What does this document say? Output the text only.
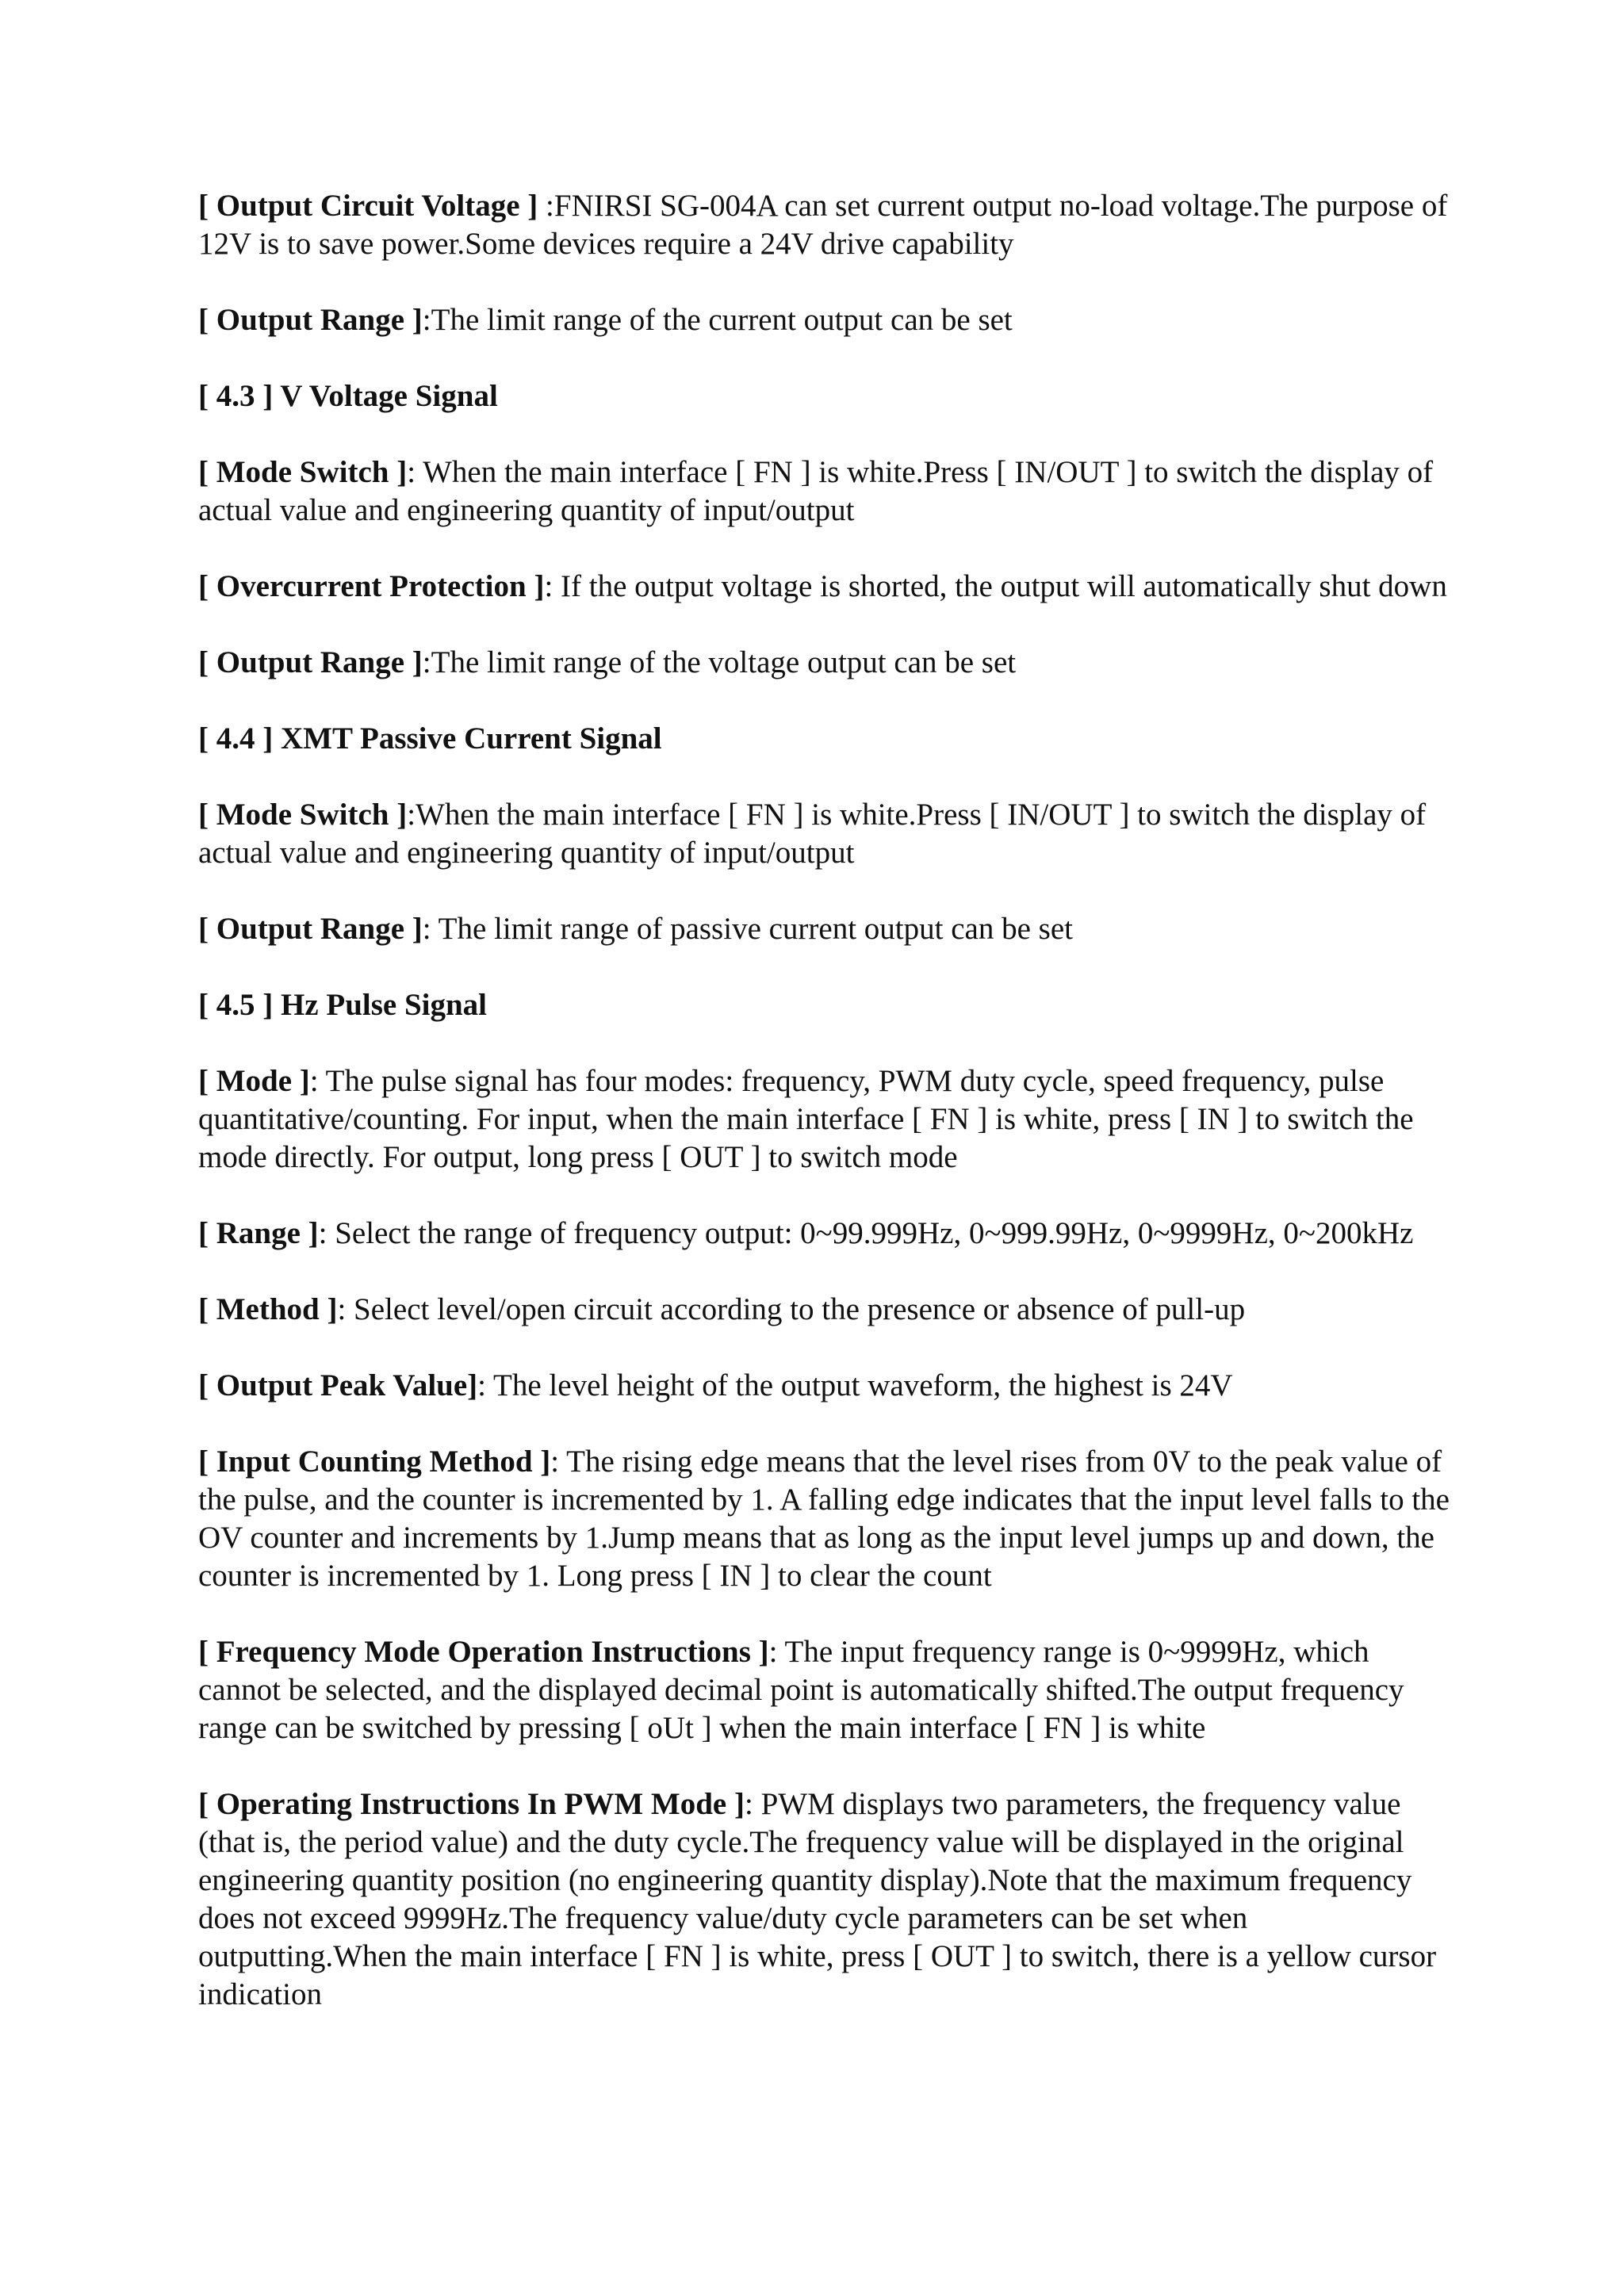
[ Output Circuit Voltage ] :FNIRSI SG-004A can set current output no-load voltage.The purpose of 12V is to save power.Some devices require a 24V drive capability

[ Output Range ]:The limit range of the current output can be set

[ 4.3 ] V Voltage Signal

[ Mode Switch ]: When the main interface [ FN ] is white.Press [ IN/OUT ] to switch the display of actual value and engineering quantity of input/output

[ Overcurrent Protection ]: If the output voltage is shorted, the output will automatically shut down

[ Output Range ]:The limit range of the voltage output can be set

[ 4.4 ] XMT Passive Current Signal

[ Mode Switch ]:When the main interface [ FN ] is white.Press [ IN/OUT ] to switch the display of actual value and engineering quantity of input/output

[ Output Range ]: The limit range of passive current output can be set

[ 4.5 ] Hz Pulse Signal

[ Mode ]: The pulse signal has four modes: frequency, PWM duty cycle, speed frequency, pulse quantitative/counting. For input, when the main interface [ FN ] is white, press [ IN ] to switch the mode directly. For output, long press [ OUT ] to switch mode

[ Range ]: Select the range of frequency output: 0~99.999Hz, 0~999.99Hz, 0~9999Hz, 0~200kHz

[ Method ]: Select level/open circuit according to the presence or absence of pull-up

[ Output Peak Value]: The level height of the output waveform, the highest is 24V

[ Input Counting Method ]: The rising edge means that the level rises from 0V to the peak value of the pulse, and the counter is incremented by 1. A falling edge indicates that the input level falls to the OV counter and increments by 1.Jump means that as long as the input level jumps up and down, the counter is incremented by 1. Long press [ IN ] to clear the count

[ Frequency Mode Operation Instructions ]: The input frequency range is 0~9999Hz, which cannot be selected, and the displayed decimal point is automatically shifted.The output frequency range can be switched by pressing [ oUt ] when the main interface [ FN ] is white

[ Operating Instructions In PWM Mode ]: PWM displays two parameters, the frequency value (that is, the period value) and the duty cycle.The frequency value will be displayed in the original engineering quantity position (no engineering quantity display).Note that the maximum frequency does not exceed 9999Hz.The frequency value/duty cycle parameters can be set when outputting.When the main interface [ FN ] is white, press [ OUT ] to switch, there is a yellow cursor indication
